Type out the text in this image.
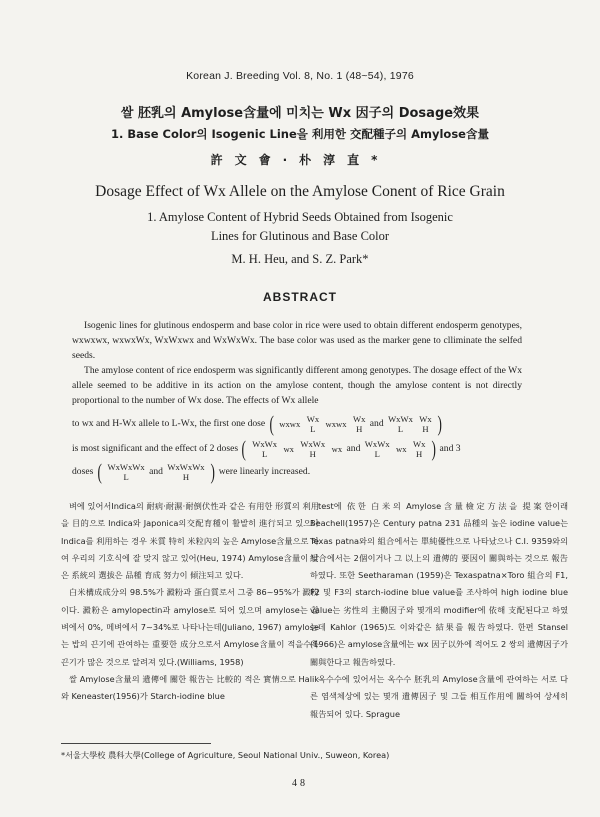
Korean J. Breeding Vol. 8, No. 1 (48~54), 1976
쌀 胚乳의 Amylose含量에 미치는 Wx 因子의 Dosage效果
1. Base Color의 Isogenic Line을 利用한 交配種子의 Amylose含量
許文會·朴淳直*
Dosage Effect of Wx Allele on the Amylose Conent of Rice Grain
1. Amylose Content of Hybrid Seeds Obtained from Isogenic
Lines for Glutinous and Base Color
M. H. Heu, and S. Z. Park*
ABSTRACT
Isogenic lines for glutinous endosperm and base color in rice were used to obtain different endosperm genotypes, wxwxwx, wxwxWx, WxWxwx and WxWxWx. The base color was used as the marker gene to clliminate the selfed seeds.
The amylose content of rice endosperm was significantly different among genotypes. The dosage effect of the Wx allele seemed to be additive in its action on the amylose content, though the amylose content is not directly proportional to the number of Wx dose. The effects of Wx allele
to wx and H-Wx allele to L-Wx, the first one dose ( wxwx
Wx
L
	wxwx
Wx
H and WxWx
L

Wx
H )
is most significant and the effect of 2 doses ( WxWx
L
	wx
WxWx
H
	wx and WxWx
L
	wx
Wx
H ) and 3
doses ( WxWxWx
L	and WxWxWx
H ) were linearly increased.

벼에 있어서Indica의 耐病·耐濕·耐倒伏性과 같은 有用한 形質의 利用을 目的으로 Indica와 Japonica의交配育種이 활발히 進行되고 있으나 Indica를 利用하는 경우 米質 特히 米粒內의 높은 Amylose含量으로 하여 우리의 기호식에 잘 맞지 않고 있어(Heu, 1974) Amylose含量이 낮은 系統의 選拔은 品種 育成 努力이 傾注되고 있다.

白米構成成分의 98.5%가 澱粉과 蛋白質로서 그중 86~95%가 澱粉이다. 澱粉은 amylopectin과 amylose로 되어 있으며 amylose는 찰벼에서 0%, 메벼에서 7~34%로 나타나는데(Juliano, 1967) amylose는 밥의 끈기에 관여하는 重要한 成分으로서 Amylose含量이 적을수록 끈기가 많은 것으로 알려져 있다.(Williams, 1958)

쌀 Amylose含量의 遺傳에 關한 報告는 比較的 적은 實情으로 Halik와 Keneaster(1956)가 Starch-iodine blue

test에 依한 白米의 Amylose含量檢定方法을 提案한이래 Beachell(1957)은 Century patna 231 品種의 높은 iodine value는 Texas patna와의 組合에서는 單純優性으로 나타났으나 C.I. 9359와의 組合에서는 2個이거나 그 以上의 遺傳的 要因이 關與하는 것으로 報告하였다. 또한 Seetharaman (1959)은 Texaspatna×Toro 組合의 F1, F2 및 F3의 starch-iodine blue value를 조사하여 high iodine blue value는 劣性의 主働因子와 몇개의 modifier에 依해 支配된다고 하였는데 Kahlor (1965)도 이와같은 結果를 報告하였다. 한편 Stansel (1966)은 amylose含量에는 wx 因子以外에 적어도 2 쌍의 遺傳因子가 關與한다고 報告하였다.

옥수수에 있어서는 옥수수 胚乳의 Amylose含量에 관여하는 서로 다른 염색체상에 있는 몇개 遺傳因子 및 그들 相互作用에 關하여 상세히 報告되어 있다. Sprague

*서울大學校 農科大學(College of Agriculture, Seoul National Univ., Suweon, Korea)
48
